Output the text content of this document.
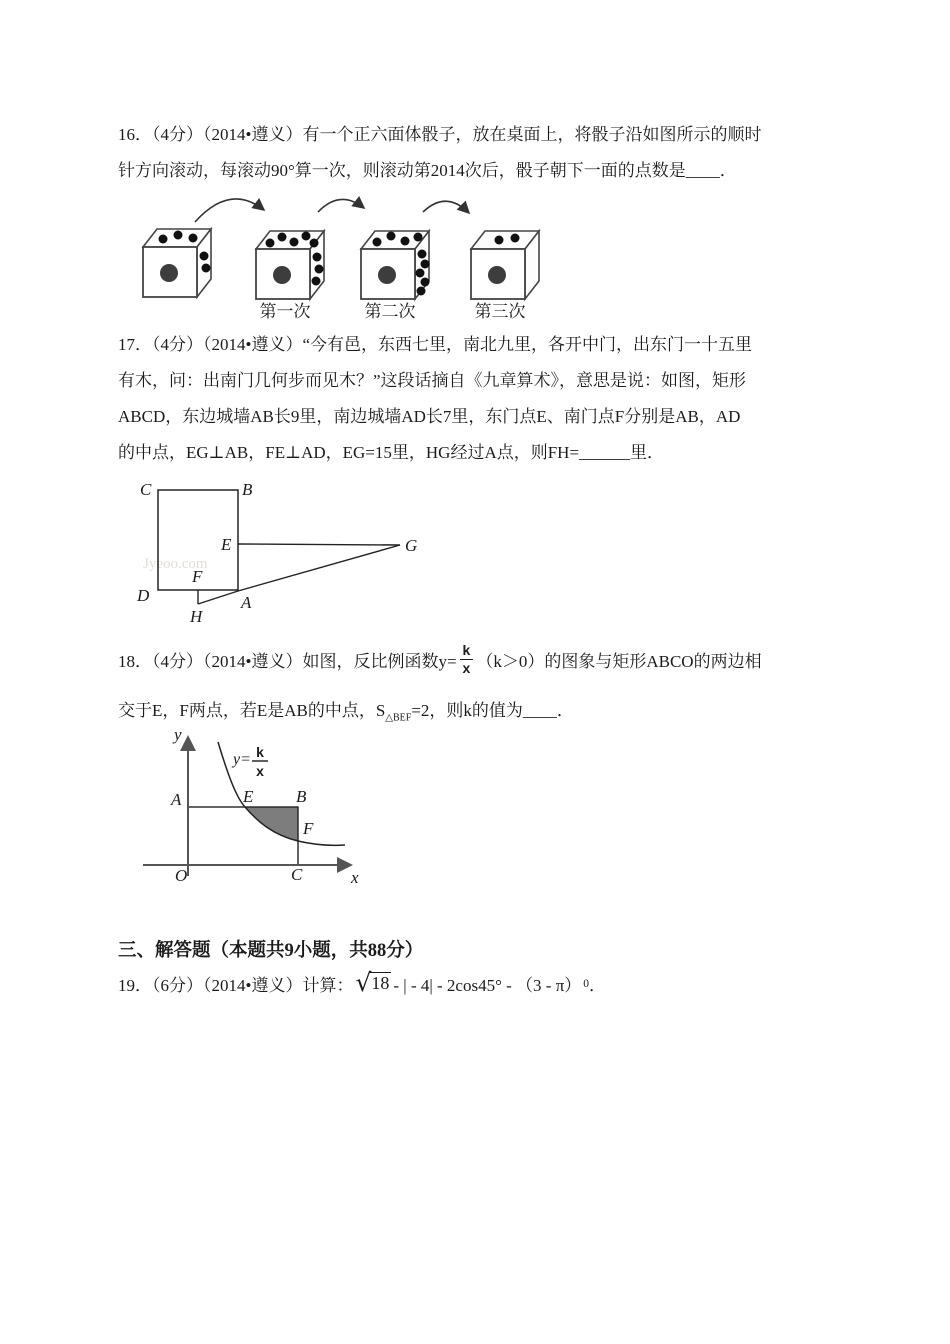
16．（4分）（2014•遵义）有一个正六面体骰子，放在桌面上，将骰子沿如图所示的顺时
针方向滚动，每滚动90°算一次，则滚动第2014次后，骰子朝下一面的点数是____．
第一次	第二次	第三次
17．（4分）（2014•遵义）“今有邑，东西七里，南北九里，各开中门，出东门一十五里
有木，问：出南门几何步而见木？”这段话摘自《九章算术》，意思是说：如图，矩形
ABCD，东边城墙AB长9里，南边城墙AD长7里，东门点E、南门点F分别是AB，AD
的中点，EG⊥AB，FE⊥AD，EG=15里，HG经过A点，则FH=______里．
Jyeoo.com
C	B
E	G
F
D	A
H
18．（4分）（2014•遵义）如图，反比例函数$y= \frac{k}{x} (k>0)$的图象与矩形ABCO的两边相
交于E，F两点，若E是AB的中点，$S_{\triangle BEF}=2$，则k的值为____．
y= k
x
y
x
O
A	E	B
F
C
三、解答题（本题共9小题，共88分）
19．（6分）（2014•遵义）计算： √ 18 - | - 4| - 2cos45° - （3 - π） 0 ．
